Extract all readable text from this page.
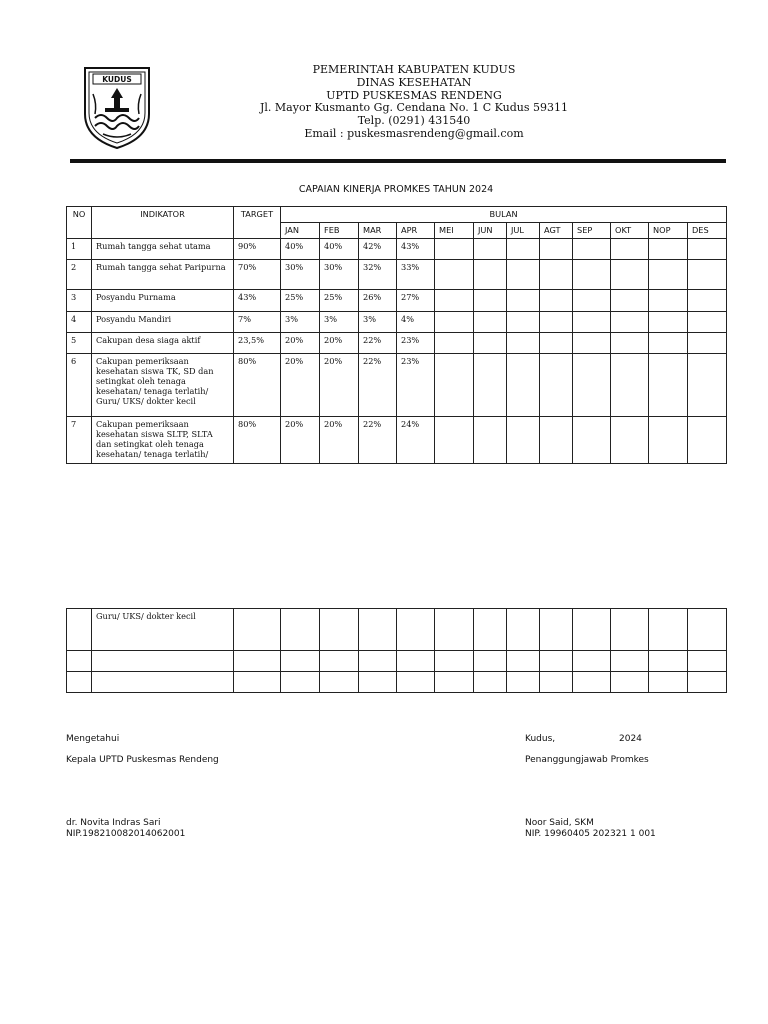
KUDUS
PEMERINTAH KABUPATEN KUDUS
DINAS KESEHATAN
UPTD PUSKESMAS RENDENG
Jl. Mayor Kusmanto Gg. Cendana No. 1 C Kudus 59311
Telp. (0291) 431540
Email : puskesmasrendeng@gmail.com
CAPAIAN KINERJA PROMKES TAHUN 2024
NO	INDIKATOR	TARGET	BULAN											
			JAN	FEB	MAR	APR	MEI	JUN	JUL	AGT	SEP	OKT	NOP	DES
1	Rumah tangga sehat utama	90%	40%	40%	42%	43%								
2	Rumah tangga sehat Paripurna	70%	30%	30%	32%	33%								
3	Posyandu Purnama	43%	25%	25%	26%	27%								
4	Posyandu Mandiri	7%	3%	3%	3%	4%								
5	Cakupan desa siaga aktif	23,5%	20%	20%	22%	23%								
6	Cakupan pemeriksaan kesehatan siswa TK, SD dan setingkat oleh tenaga kesehatan/ tenaga terlatih/ Guru/ UKS/ dokter kecil	80%	20%	20%	22%	23%								
7	Cakupan pemeriksaan kesehatan siswa SLTP, SLTA dan setingkat oleh tenaga kesehatan/ tenaga terlatih/	80%	20%	20%	22%	24%								
	Guru/ UKS/ dokter kecil													

Mengetahui
Kepala UPTD Puskesmas Rendeng
dr. Novita Indras Sari
NIP.198210082014062001
Kudus,	2024
Penanggungjawab Promkes
Noor Said, SKM
NIP. 19960405 202321 1 001
